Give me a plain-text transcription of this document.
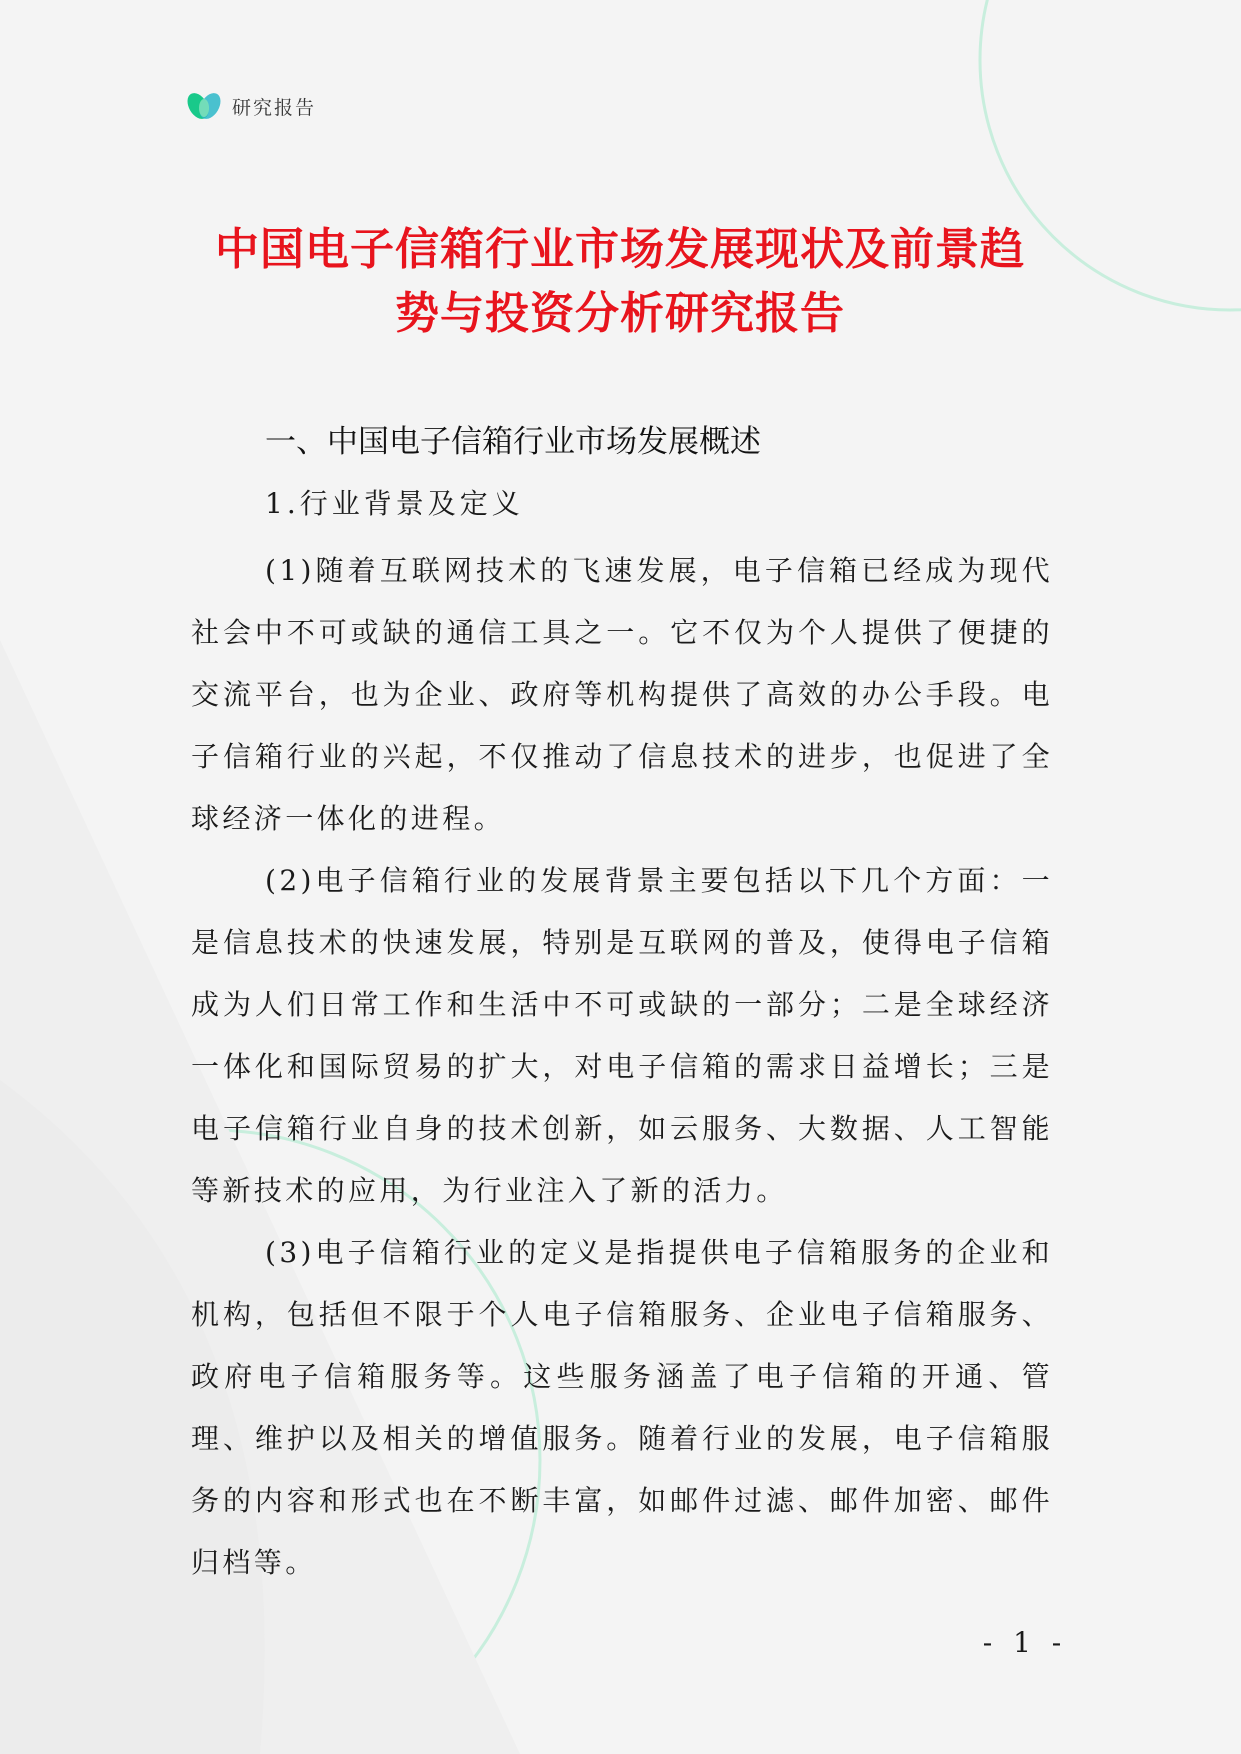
研究报告
中国电子信箱行业市场发展现状及前景趋
势与投资分析研究报告
一、中国电子信箱行业市场发展概述
1.行业背景及定义

(1)随着互联网技术的飞速发展，电子信箱已经成为现代社会中不可或缺的通信工具之一。它不仅为个人提供了便捷的交流平台，也为企业、政府等机构提供了高效的办公手段。电子信箱行业的兴起，不仅推动了信息技术的进步，也促进了全球经济一体化的进程。

(2)电子信箱行业的发展背景主要包括以下几个方面：一是信息技术的快速发展，特别是互联网的普及，使得电子信箱成为人们日常工作和生活中不可或缺的一部分；二是全球经济一体化和国际贸易的扩大，对电子信箱的需求日益增长；三是电子信箱行业自身的技术创新，如云服务、大数据、人工智能等新技术的应用，为行业注入了新的活力。

(3)电子信箱行业的定义是指提供电子信箱服务的企业和机构，包括但不限于个人电子信箱服务、企业电子信箱服务、政府电子信箱服务等。这些服务涵盖了电子信箱的开通、管理、维护以及相关的增值服务。随着行业的发展，电子信箱服务的内容和形式也在不断丰富，如邮件过滤、邮件加密、邮件归档等。

- 1 -
